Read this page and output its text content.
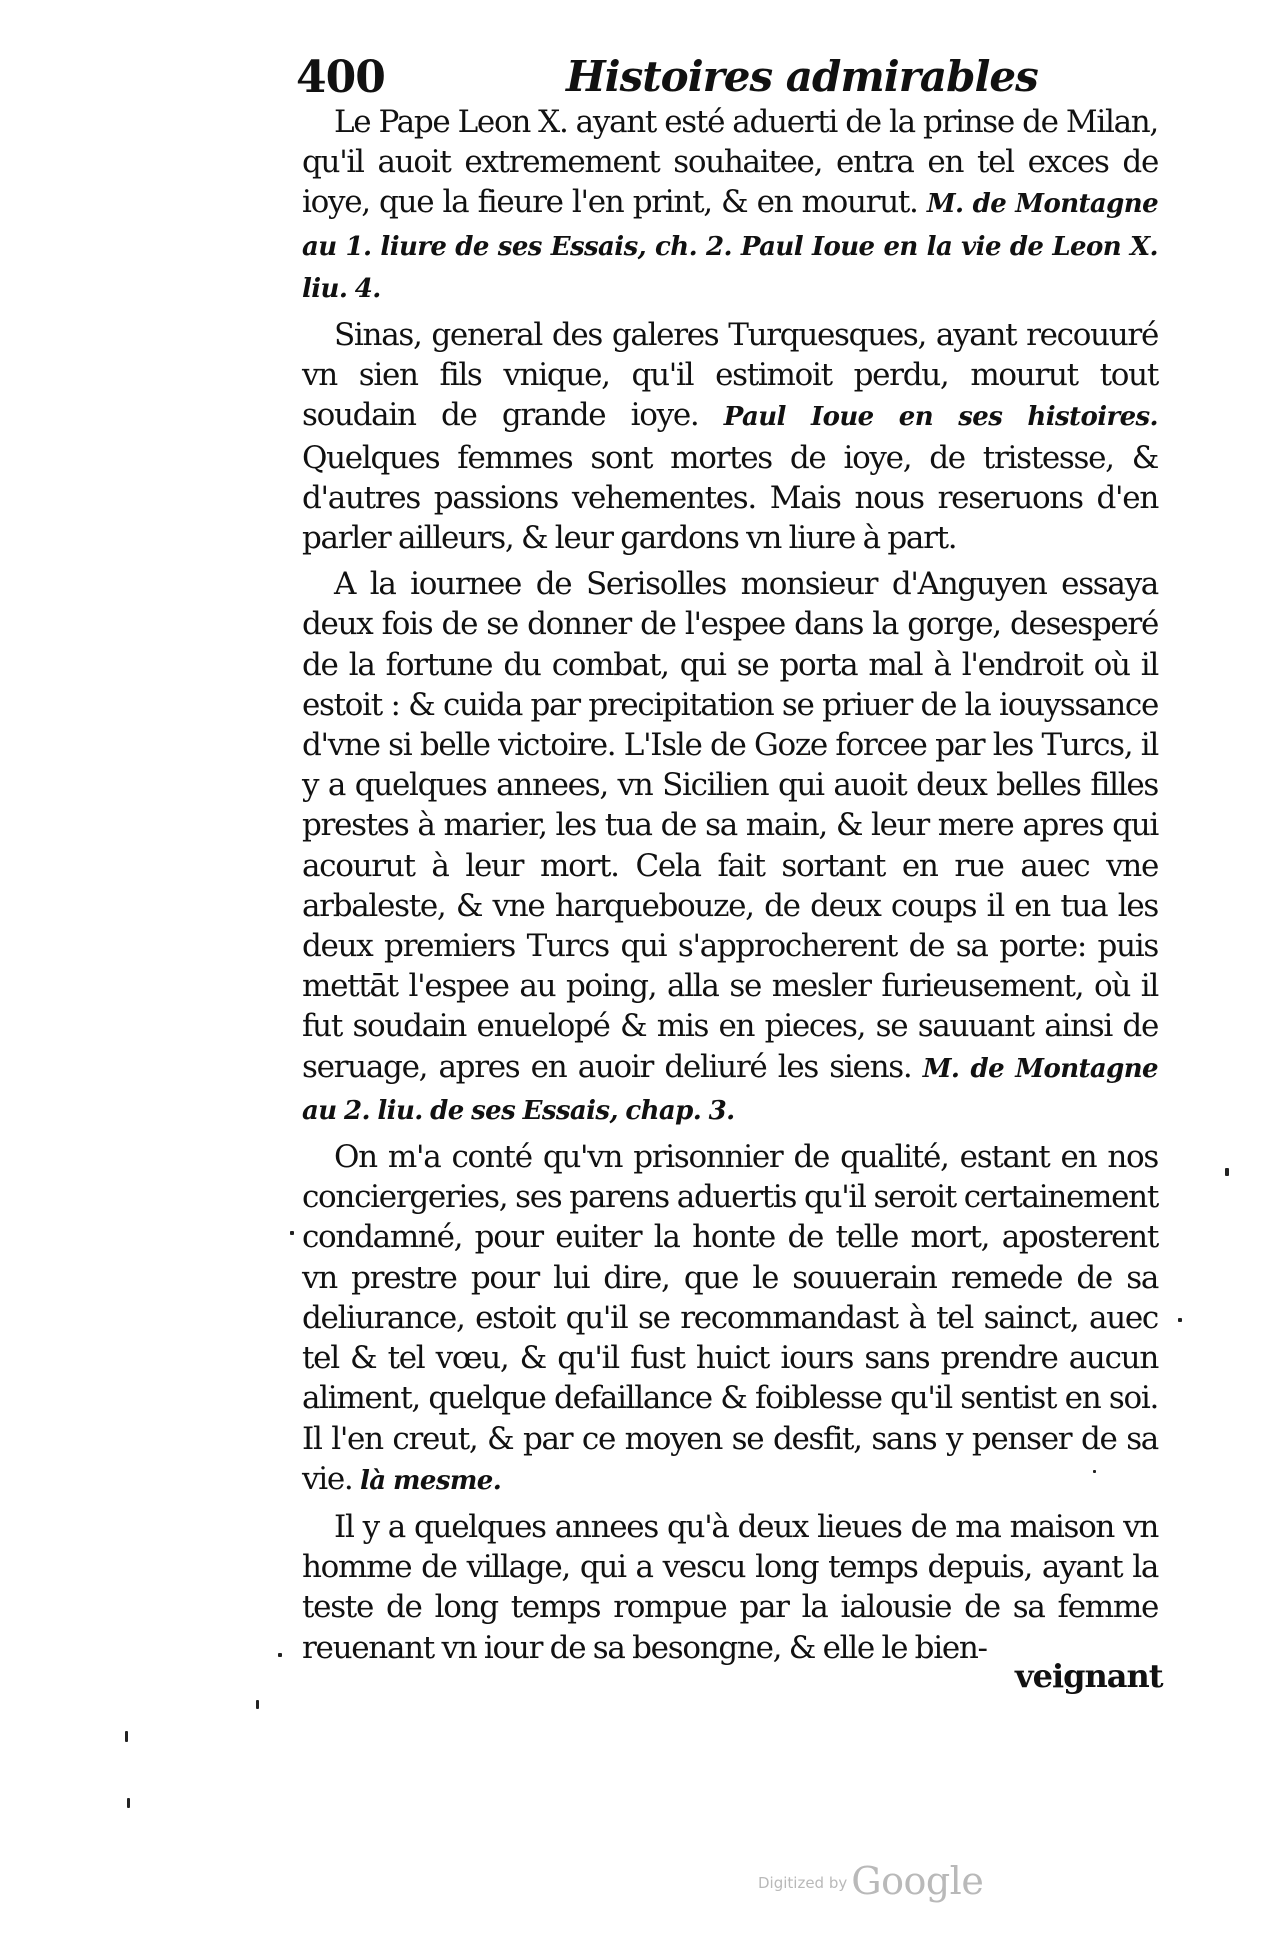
400	Histoires admirables

Le Pape Leon X. ayant esté aduerti de la prinse de Milan, qu'il auoit extremement souhaitee, entra en tel exces de ioye, que la fieure l'en print, & en mourut. M. de Montagne au 1. liure de ses Essais, ch. 2. Paul Ioue en la vie de Leon X. liu. 4.

Sinas, general des galeres Turquesques, ayant recouuré vn sien fils vnique, qu'il estimoit perdu, mourut tout soudain de grande ioye. Paul Ioue en ses histoires. Quelques femmes sont mortes de ioye, de tristesse, & d'autres passions vehementes. Mais nous reseruons d'en parler ailleurs, & leur gardons vn liure à part.

A la iournee de Serisolles monsieur d'Anguyen essaya deux fois de se donner de l'espee dans la gorge, desesperé de la fortune du combat, qui se porta mal à l'endroit où il estoit : & cuida par precipitation se priuer de la iouyssance d'vne si belle victoire. L'Isle de Goze forcee par les Turcs, il y a quelques annees, vn Sicilien qui auoit deux belles filles prestes à marier, les tua de sa main, & leur mere apres qui acourut à leur mort. Cela fait sortant en rue auec vne arbaleste, & vne harquebouze, de deux coups il en tua les deux premiers Turcs qui s'approcherent de sa porte: puis mettāt l'espee au poing, alla se mesler furieusement, où il fut soudain enuelopé & mis en pieces, se sauuant ainsi de seruage, apres en auoir deliuré les siens. M. de Montagne au 2. liu. de ses Essais, chap. 3.

On m'a conté qu'vn prisonnier de qualité, estant en nos conciergeries, ses parens aduertis qu'il seroit certainement condamné, pour euiter la honte de telle mort, aposterent vn prestre pour lui dire, que le souuerain remede de sa deliurance, estoit qu'il se recommandast à tel sainct, auec tel & tel vœu, & qu'il fust huict iours sans prendre aucun aliment, quelque defaillance & foiblesse qu'il sentist en soi. Il l'en creut, & par ce moyen se desfit, sans y penser de sa vie. là mesme.

Il y a quelques annees qu'à deux lieues de ma maison vn homme de village, qui a vescu long temps depuis, ayant la teste de long temps rompue par la ialousie de sa femme reuenant vn iour de sa besongne, & elle le bien-

veignant
Digitized by Google
